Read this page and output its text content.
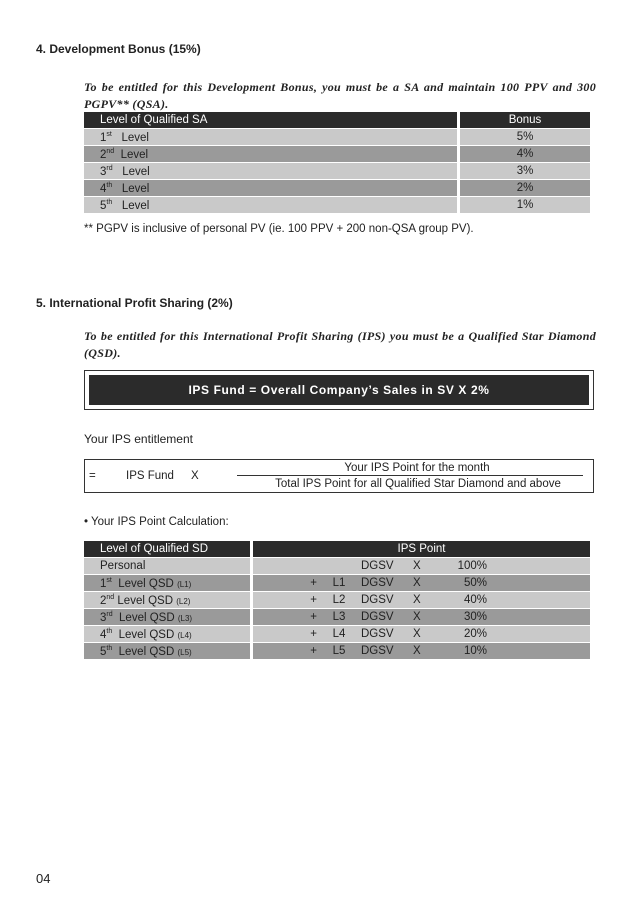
4. Development Bonus (15%)
To be entitled for this Development Bonus, you must be a SA and maintain 100 PPV and 300 PGPV** (QSA).
Level of Qualified SA		Bonus
1st Level		5%
2nd Level		4%
3rd Level		3%
4th Level		2%
5th Level		1%
** PGPV is inclusive of personal PV (ie. 100 PPV + 200 non-QSA group PV).
5. International Profit Sharing (2%)
To be entitled for this International Profit Sharing (IPS) you must be a Qualified Star Diamond (QSD).
IPS Fund = Overall Company’s Sales in SV X 2%
Your IPS entitlement
=	IPS Fund X
Your IPS Point for the month
Total IPS Point for all Qualified Star Diamond and above
• Your IPS Point Calculation:
Level of Qualified SD		IPS Point					
Personal				DGSV	X	100%	
1st Level QSD (L1)		+	L1	DGSV	X	50%	
2nd Level QSD (L2)		+	L2	DGSV	X	40%	
3rd Level QSD (L3)		+	L3	DGSV	X	30%	
4th Level QSD (L4)		+	L4	DGSV	X	20%	
5th Level QSD (L5)		+	L5	DGSV	X	10%	
04
